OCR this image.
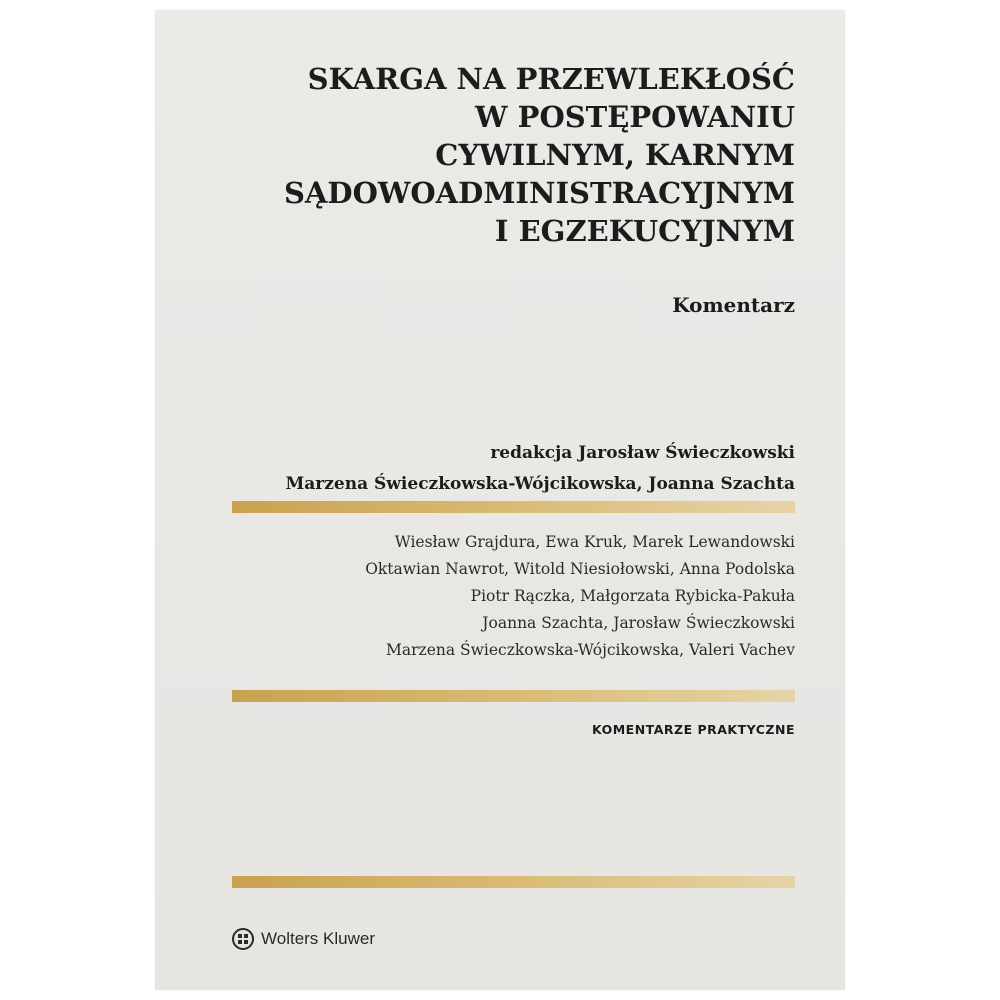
SKARGA NA PRZEWLEKŁOŚĆ
W POSTĘPOWANIU
CYWILNYM, KARNYM
SĄDOWOADMINISTRACYJNYM
I EGZEKUCYJNYM
Komentarz
redakcja Jarosław Świeczkowski
Marzena Świeczkowska-Wójcikowska, Joanna Szachta
Wiesław Grajdura, Ewa Kruk, Marek Lewandowski
Oktawian Nawrot, Witold Niesiołowski, Anna Podolska
Piotr Rączka, Małgorzata Rybicka-Pakuła
Joanna Szachta, Jarosław Świeczkowski
Marzena Świeczkowska-Wójcikowska, Valeri Vachev
KOMENTARZE PRAKTYCZNE
Wolters Kluwer
